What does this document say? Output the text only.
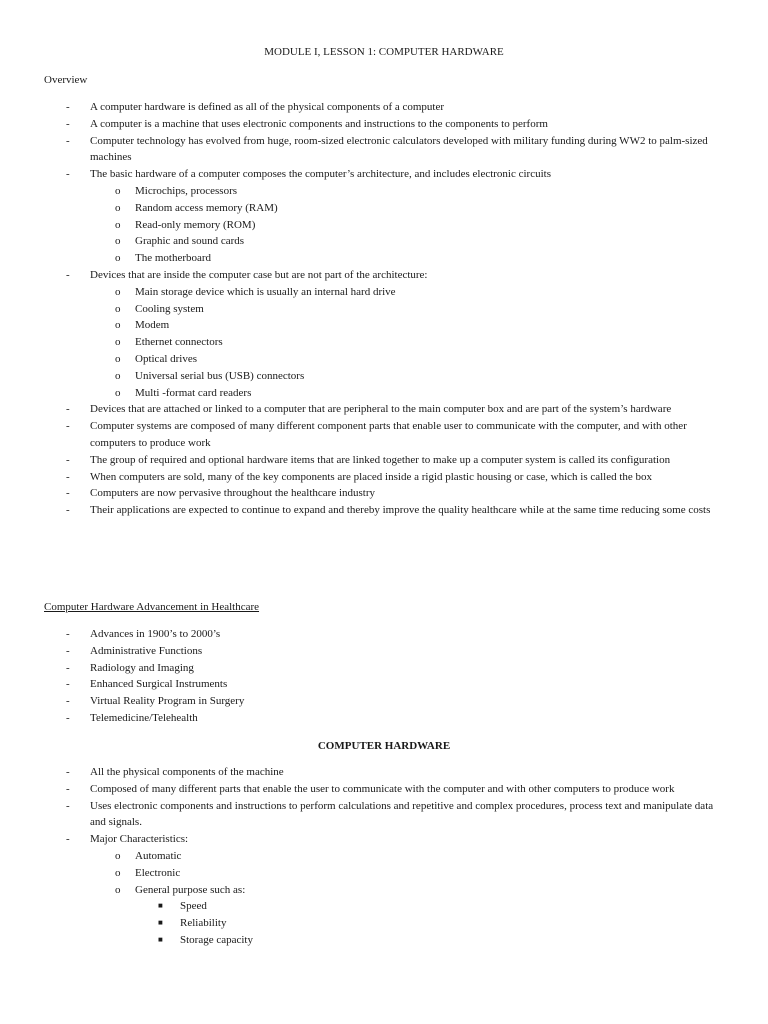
MODULE I, LESSON 1: COMPUTER HARDWARE
Overview
- A computer hardware is defined as all of the physical components of a computer
- A computer is a machine that uses electronic components and instructions to the components to perform
- Computer technology has evolved from huge, room-sized electronic calculators developed with military funding during WW2 to palm-sized machines
- The basic hardware of a computer composes the computer’s architecture, and includes electronic circuits
o Microchips, processors
o Random access memory (RAM)
o Read-only memory (ROM)
o Graphic and sound cards
o The motherboard
- Devices that are inside the computer case but are not part of the architecture:
o Main storage device which is usually an internal hard drive
o Cooling system
o Modem
o Ethernet connectors
o Optical drives
o Universal serial bus (USB) connectors
o Multi -format card readers
- Devices that are attached or linked to a computer that are peripheral to the main computer box and are part of the system’s hardware
- Computer systems are composed of many different component parts that enable user to communicate with the computer, and with other computers to produce work
- The group of required and optional hardware items that are linked together to make up a computer system is called its configuration
- When computers are sold, many of the key components are placed inside a rigid plastic housing or case, which is called the box
- Computers are now pervasive throughout the healthcare industry
- Their applications are expected to continue to expand and thereby improve the quality healthcare while at the same time reducing some costs
Computer Hardware Advancement in Healthcare
- Advances in 1900’s to 2000’s
- Administrative Functions
- Radiology and Imaging
- Enhanced Surgical Instruments
- Virtual Reality Program in Surgery
- Telemedicine/Telehealth
COMPUTER HARDWARE
- All the physical components of the machine
- Composed of many different parts that enable the user to communicate with the computer and with other computers to produce work
- Uses electronic components and instructions to perform calculations and repetitive and complex procedures, process text and manipulate data and signals.
- Major Characteristics:
o Automatic
o Electronic
o General purpose such as:
■ Speed
■ Reliability
■ Storage capacity
